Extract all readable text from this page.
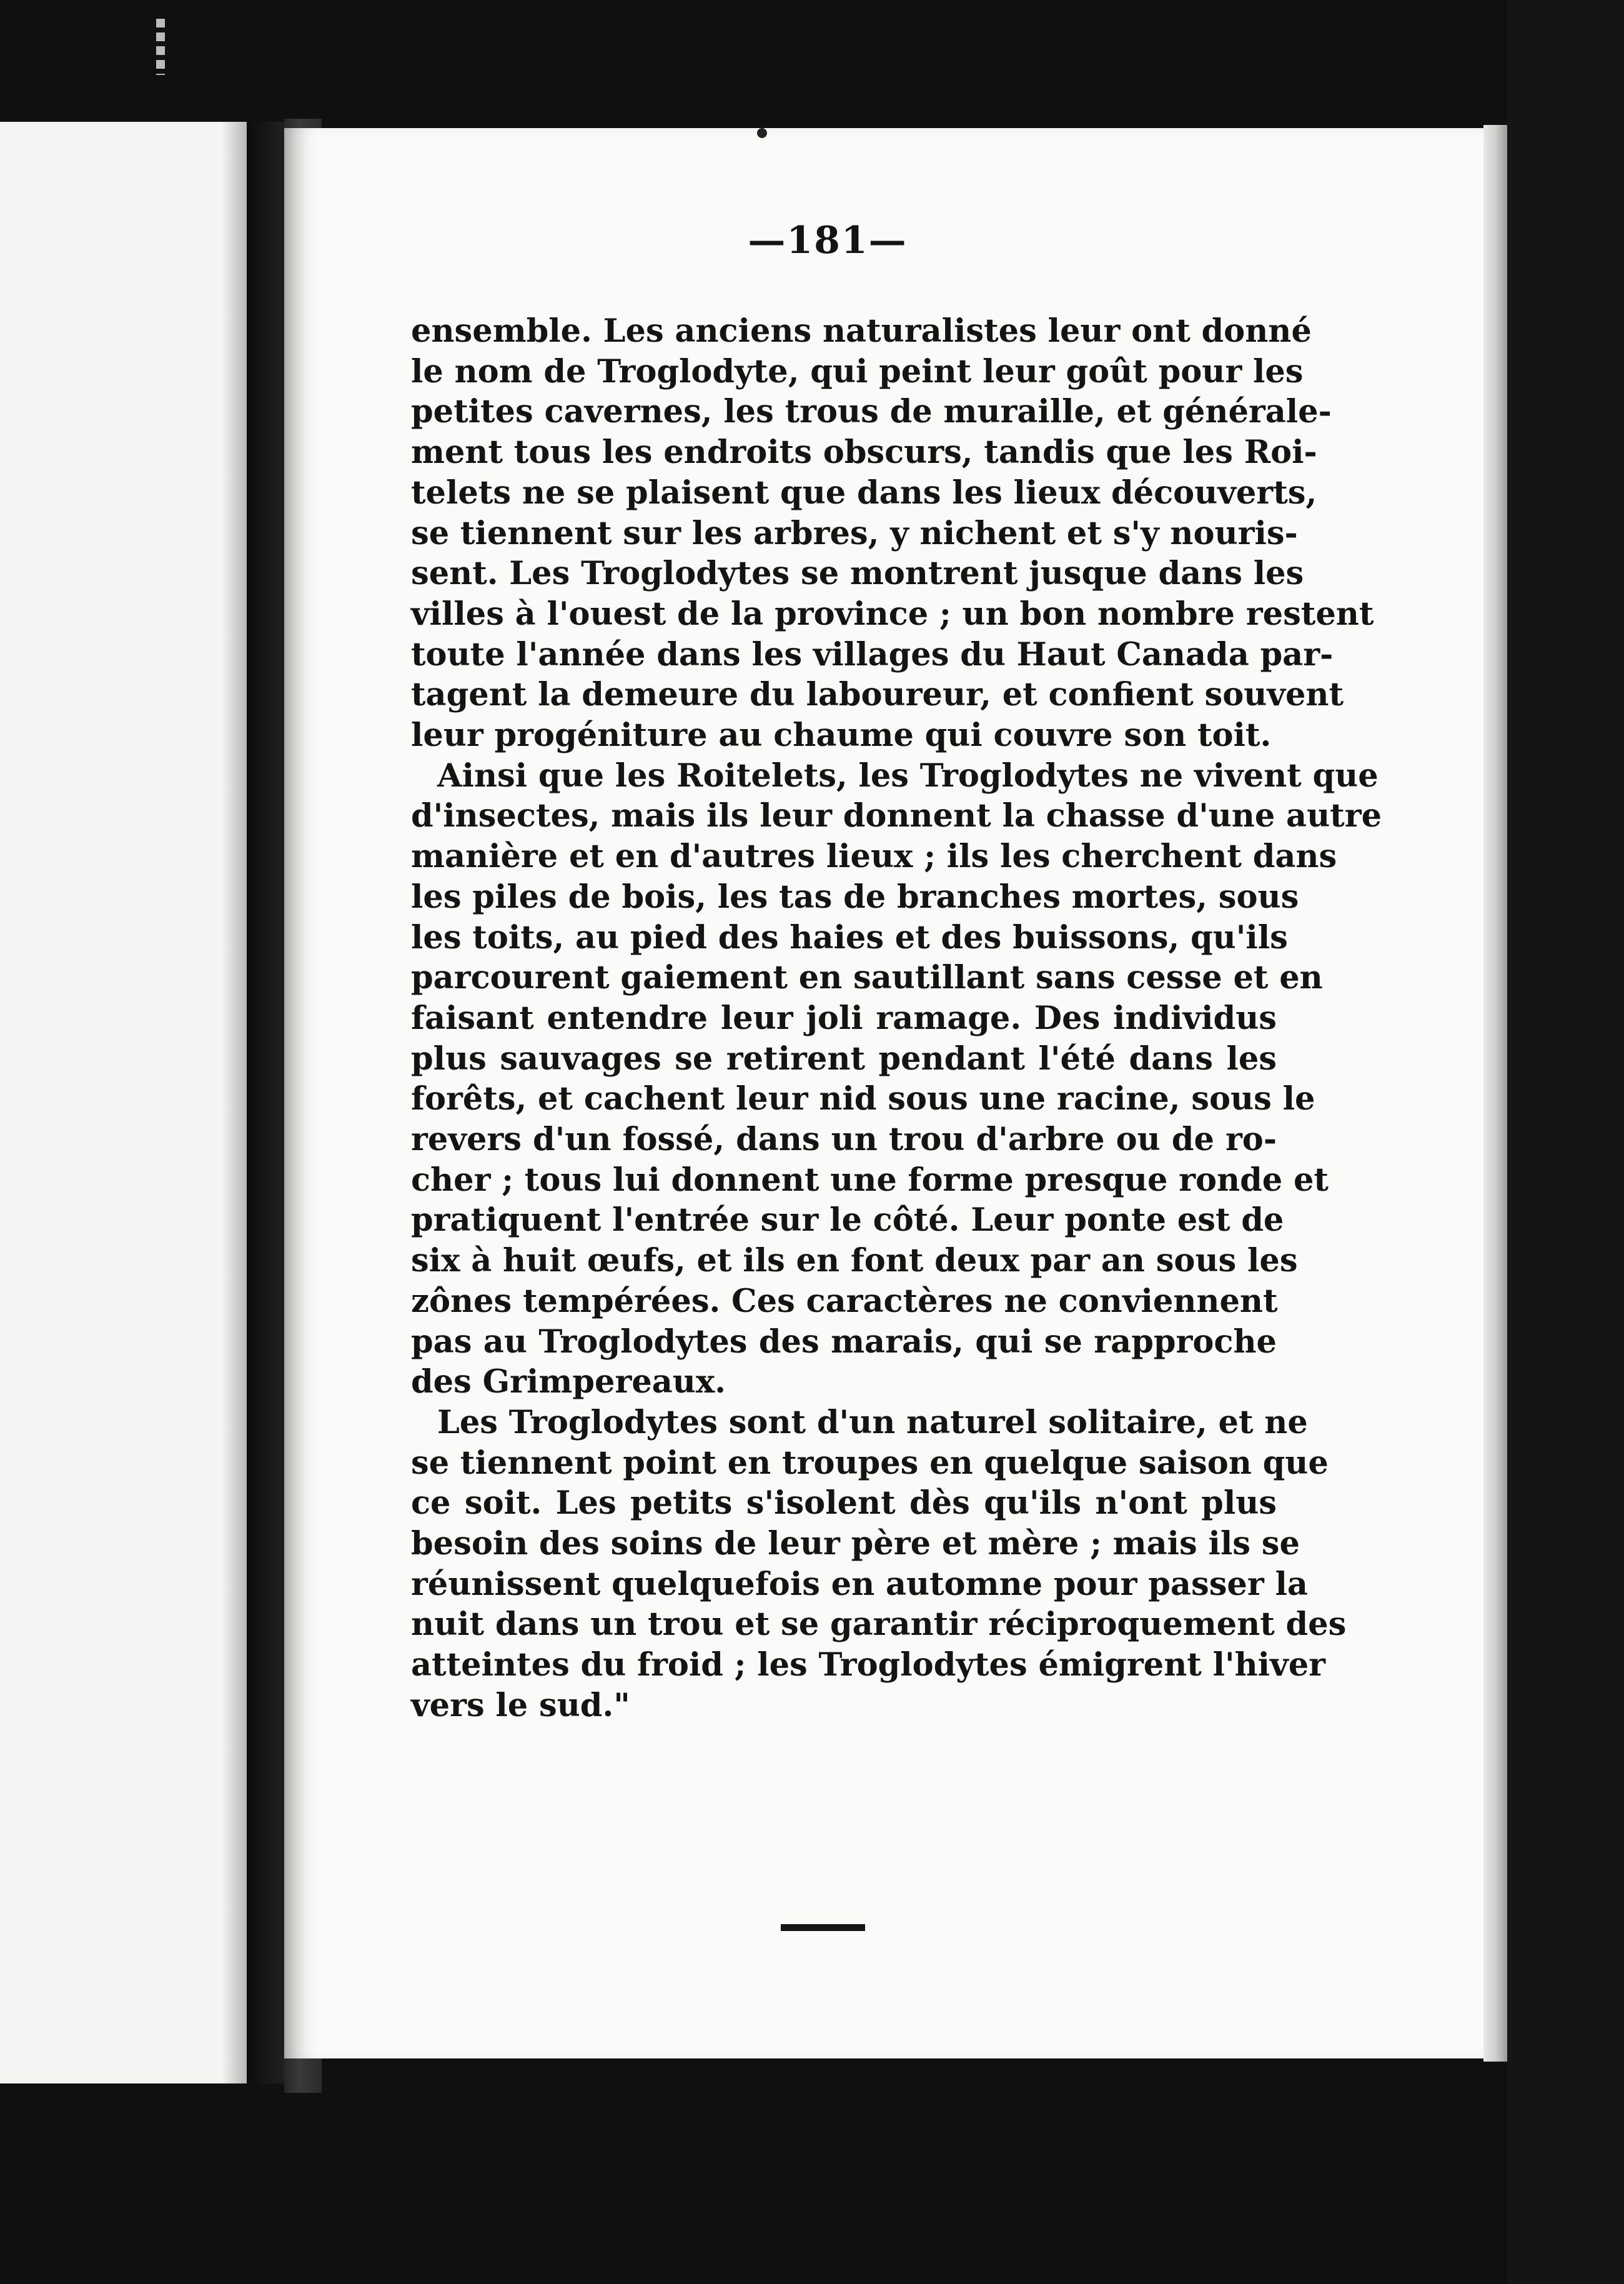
—181—

ensemble. Les anciens naturalistes leur ont donné

le nom de Troglodyte, qui peint leur goût pour les

petites cavernes, les trous de muraille, et générale-

ment tous les endroits obscurs, tandis que les Roi-

telets ne se plaisent que dans les lieux découverts,

se tiennent sur les arbres, y nichent et s'y nouris-

sent. Les Troglodytes se montrent jusque dans les

villes à l'ouest de la province ; un bon nombre restent

toute l'année dans les villages du Haut Canada par-

tagent la demeure du laboureur, et confient souvent

leur progéniture au chaume qui couvre son toit.

Ainsi que les Roitelets, les Troglodytes ne vivent que

d'insectes, mais ils leur donnent la chasse d'une autre

manière et en d'autres lieux ; ils les cherchent dans

les piles de bois, les tas de branches mortes, sous

les toits, au pied des haies et des buissons, qu'ils

parcourent gaiement en sautillant sans cesse et en

faisant entendre leur joli ramage. Des individus

plus sauvages se retirent pendant l'été dans les

forêts, et cachent leur nid sous une racine, sous le

revers d'un fossé, dans un trou d'arbre ou de ro-

cher ; tous lui donnent une forme presque ronde et

pratiquent l'entrée sur le côté. Leur ponte est de

six à huit œufs, et ils en font deux par an sous les

zônes tempérées. Ces caractères ne conviennent

pas au Troglodytes des marais, qui se rapproche

des Grimpereaux.

Les Troglodytes sont d'un naturel solitaire, et ne

se tiennent point en troupes en quelque saison que

ce soit. Les petits s'isolent dès qu'ils n'ont plus

besoin des soins de leur père et mère ; mais ils se

réunissent quelquefois en automne pour passer la

nuit dans un trou et se garantir réciproquement des

atteintes du froid ; les Troglodytes émigrent l'hiver

vers le sud."
